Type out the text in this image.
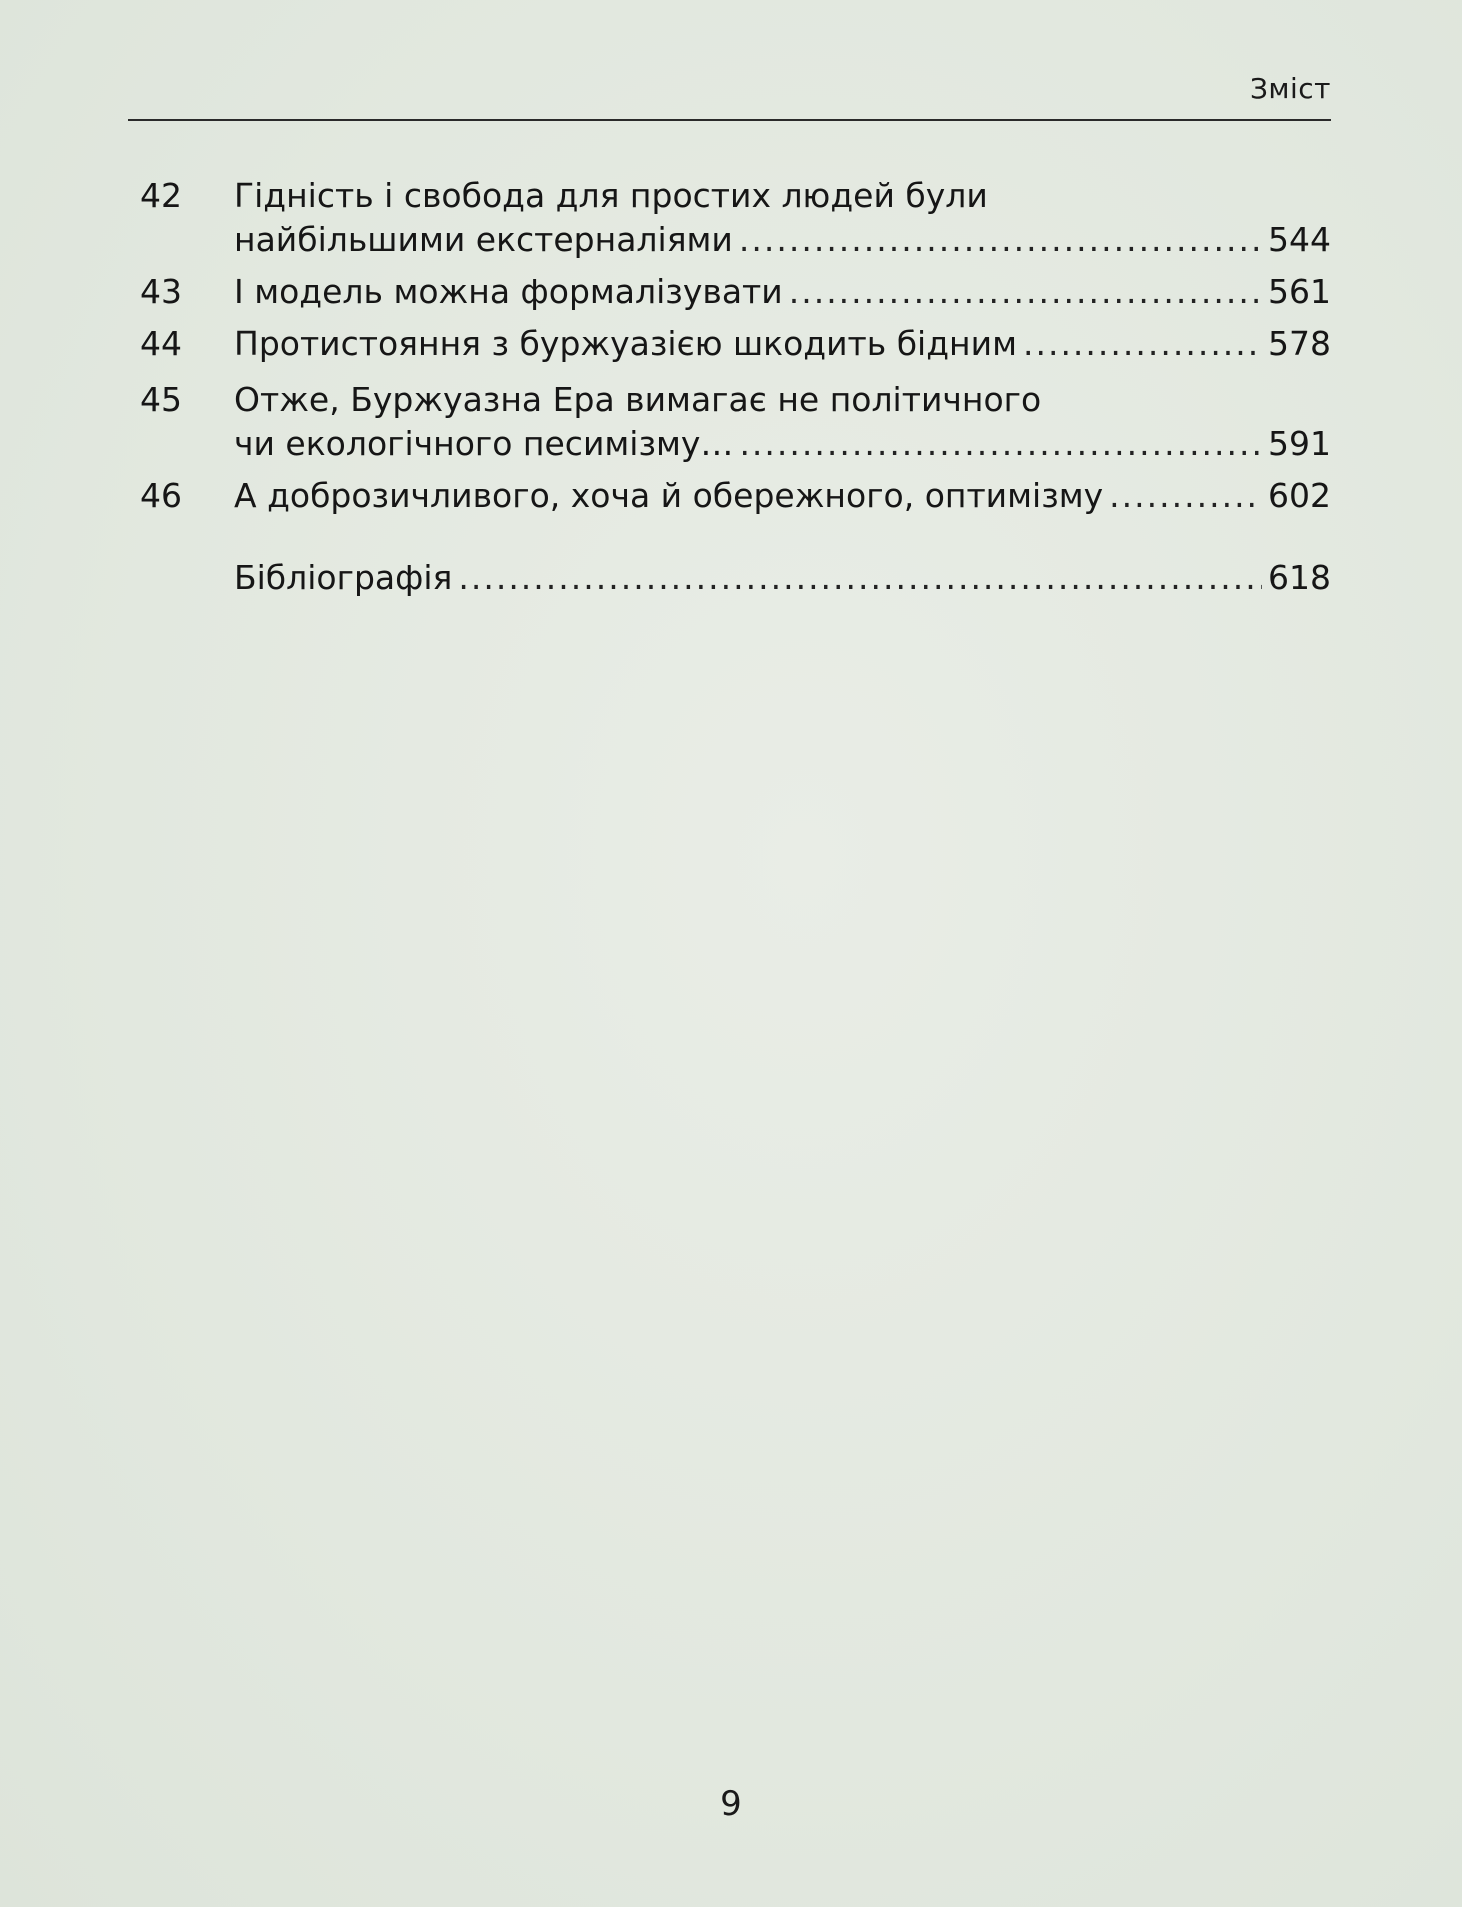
Зміст
42 Гідність і свобода для простих людей були
найбільшими екстерналіями .....	544
43 І модель можна формалізувати .....	561
44 Протистояння з буржуазією шкодить бідним .....	578
45 Отже, Буржуазна Ера вимагає не політичного
чи екологічного песимізму… .....	591
46 А доброзичливого, хоча й обережного, оптимізму .....	602
Бібліографія .....	618
9
